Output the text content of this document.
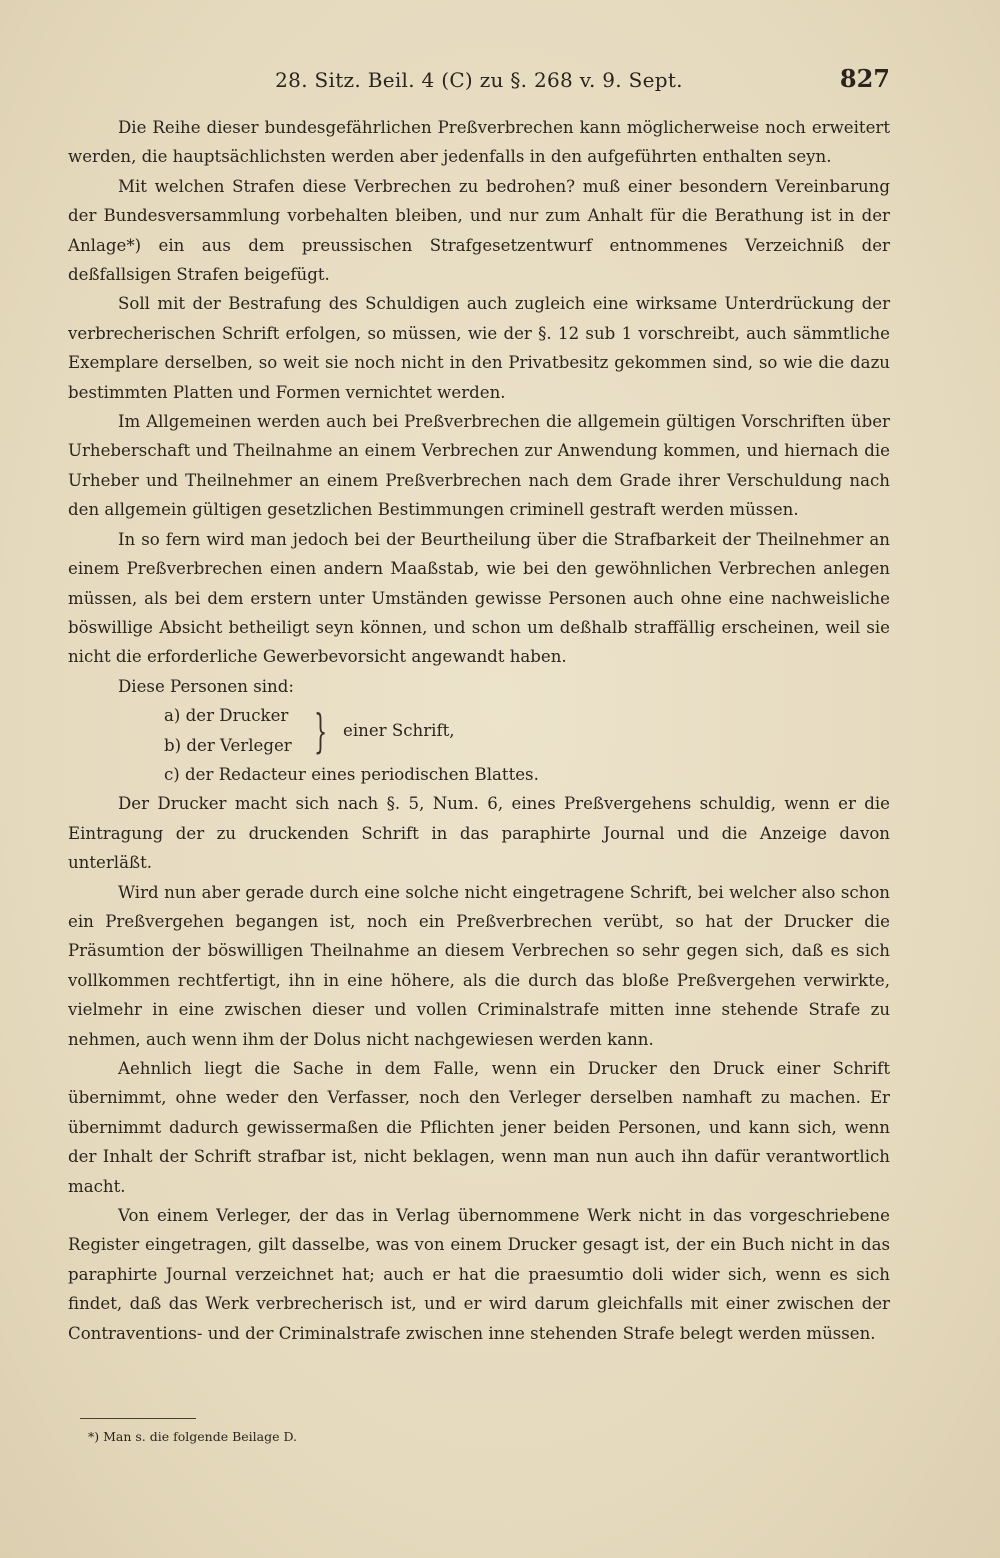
28. Sitz. Beil. 4 (C) zu §. 268 v. 9. Sept.	827

Die Reihe dieser bundesgefährlichen Preßverbrechen kann möglicherweise noch erweitert werden, die hauptsächlichsten werden aber jedenfalls in den aufgeführten enthalten seyn.

Mit welchen Strafen diese Verbrechen zu bedrohen? muß einer besondern Vereinbarung der Bundesversammlung vorbehalten bleiben, und nur zum Anhalt für die Berathung ist in der Anlage*) ein aus dem preussischen Strafgesetzentwurf entnommenes Verzeichniß der deßfallsigen Strafen beigefügt.

Soll mit der Bestrafung des Schuldigen auch zugleich eine wirksame Unterdrückung der verbrecherischen Schrift erfolgen, so müssen, wie der §. 12 sub 1 vorschreibt, auch sämmtliche Exemplare derselben, so weit sie noch nicht in den Privatbesitz gekommen sind, so wie die dazu bestimmten Platten und Formen vernichtet werden.

Im Allgemeinen werden auch bei Preßverbrechen die allgemein gültigen Vorschriften über Urheberschaft und Theilnahme an einem Verbrechen zur Anwendung kommen, und hiernach die Urheber und Theilnehmer an einem Preßverbrechen nach dem Grade ihrer Verschuldung nach den allgemein gültigen gesetzlichen Bestimmungen criminell gestraft werden müssen.

In so fern wird man jedoch bei der Beurtheilung über die Strafbarkeit der Theilnehmer an einem Preßverbrechen einen andern Maaßstab, wie bei den gewöhnlichen Verbrechen anlegen müssen, als bei dem erstern unter Umständen gewisse Personen auch ohne eine nachweisliche böswillige Absicht betheiligt seyn können, und schon um deßhalb straffällig erscheinen, weil sie nicht die erforderliche Gewerbevorsicht angewandt haben.

Diese Personen sind:

a) der Drucker
b) der Verleger } einer Schrift,
c) der Redacteur eines periodischen Blattes.

Der Drucker macht sich nach §. 5, Num. 6, eines Preßvergehens schuldig, wenn er die Eintragung der zu druckenden Schrift in das paraphirte Journal und die Anzeige davon unterläßt.

Wird nun aber gerade durch eine solche nicht eingetragene Schrift, bei welcher also schon ein Preßvergehen begangen ist, noch ein Preßverbrechen verübt, so hat der Drucker die Präsumtion der böswilligen Theilnahme an diesem Verbrechen so sehr gegen sich, daß es sich vollkommen rechtfertigt, ihn in eine höhere, als die durch das bloße Preßvergehen verwirkte, vielmehr in eine zwischen dieser und vollen Criminalstrafe mitten inne stehende Strafe zu nehmen, auch wenn ihm der Dolus nicht nachgewiesen werden kann.

Aehnlich liegt die Sache in dem Falle, wenn ein Drucker den Druck einer Schrift übernimmt, ohne weder den Verfasser, noch den Verleger derselben namhaft zu machen. Er übernimmt dadurch gewissermaßen die Pflichten jener beiden Personen, und kann sich, wenn der Inhalt der Schrift strafbar ist, nicht beklagen, wenn man nun auch ihn dafür verantwortlich macht.

Von einem Verleger, der das in Verlag übernommene Werk nicht in das vorgeschriebene Register eingetragen, gilt dasselbe, was von einem Drucker gesagt ist, der ein Buch nicht in das paraphirte Journal verzeichnet hat; auch er hat die praesumtio doli wider sich, wenn es sich findet, daß das Werk verbrecherisch ist, und er wird darum gleichfalls mit einer zwischen der Contraventions- und der Criminalstrafe zwischen inne stehenden Strafe belegt werden müssen.

*) Man s. die folgende Beilage D.
